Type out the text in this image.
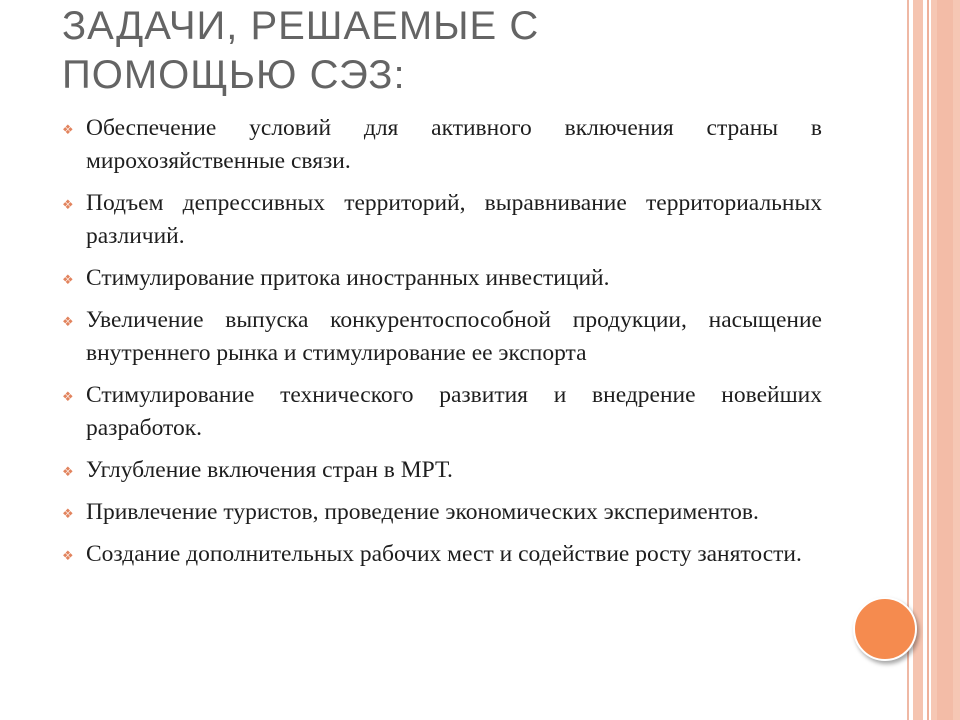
ЗАДАЧИ, РЕШАЕМЫЕ С ПОМОЩЬЮ СЭЗ:
❖ Обеспечение условий для активного включения страны в мирохозяйственные связи.
❖ Подъем депрессивных территорий, выравнивание территориальных различий.
❖ Стимулирование притока иностранных инвестиций.
❖ Увеличение выпуска конкурентоспособной продукции, насыщение внутреннего рынка и стимулирование ее экспорта
❖ Стимулирование технического развития и внедрение новейших разработок.
❖ Углубление включения стран в МРТ.
❖ Привлечение туристов, проведение экономических экспериментов.
❖ Создание дополнительных рабочих мест и содействие росту занятости.
